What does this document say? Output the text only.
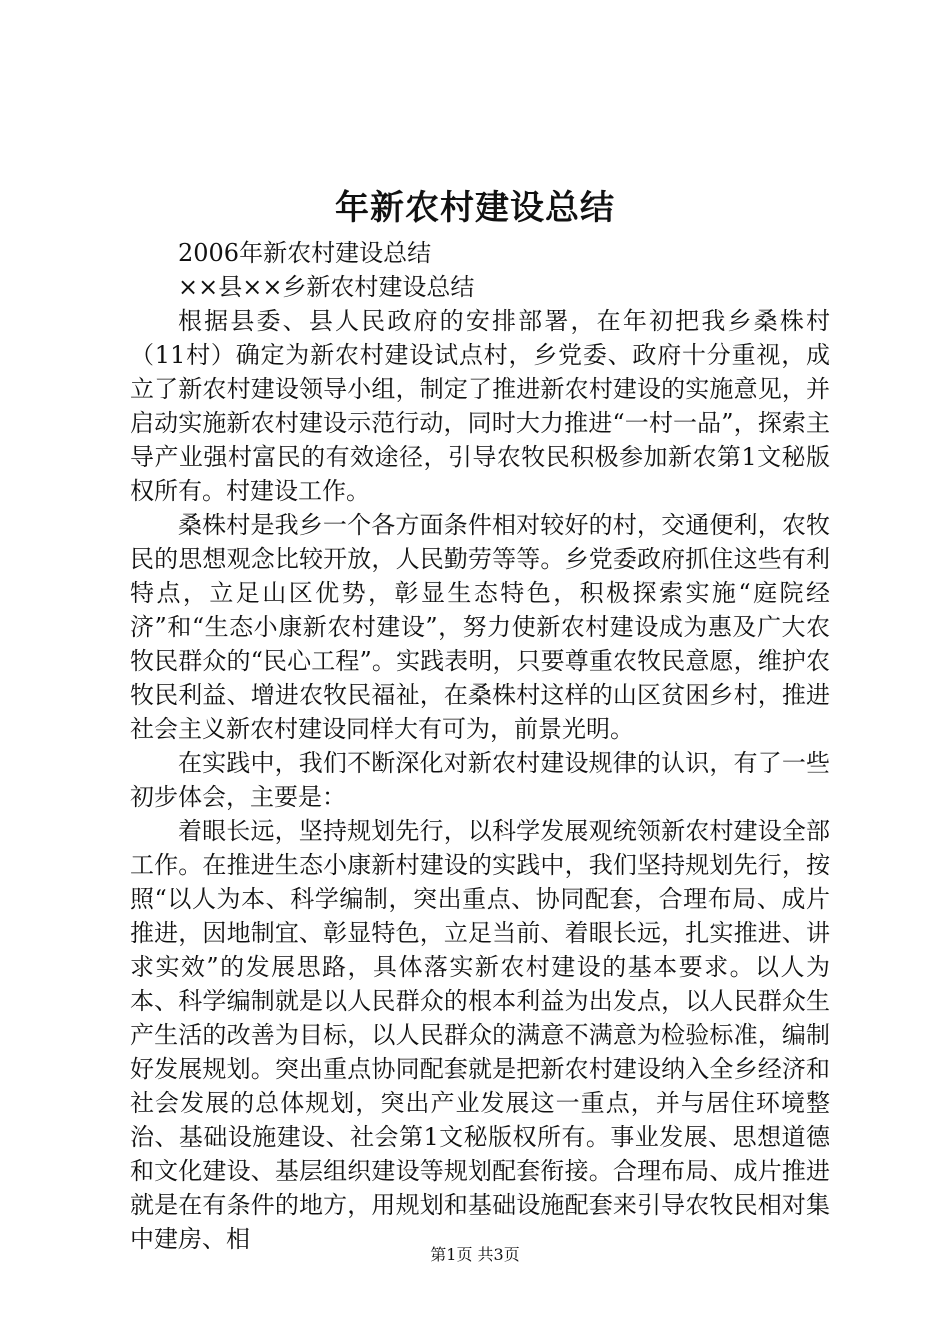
年新农村建设总结

2006年新农村建设总结

××县××乡新农村建设总结

根据县委、县人民政府的安排部署，在年初把我乡桑株村（11村）确定为新农村建设试点村，乡党委、政府十分重视，成立了新农村建设领导小组，制定了推进新农村建设的实施意见，并启动实施新农村建设示范行动，同时大力推进“一村一品”，探索主导产业强村富民的有效途径，引导农牧民积极参加新农第1文秘版权所有。村建设工作。

桑株村是我乡一个各方面条件相对较好的村，交通便利，农牧民的思想观念比较开放，人民勤劳等等。乡党委政府抓住这些有利特点，立足山区优势，彰显生态特色，积极探索实施“庭院经济”和“生态小康新农村建设”，努力使新农村建设成为惠及广大农牧民群众的“民心工程”。实践表明，只要尊重农牧民意愿，维护农牧民利益、增进农牧民福祉，在桑株村这样的山区贫困乡村，推进社会主义新农村建设同样大有可为，前景光明。

在实践中，我们不断深化对新农村建设规律的认识，有了一些初步体会，主要是：

着眼长远，坚持规划先行，以科学发展观统领新农村建设全部工作。在推进生态小康新村建设的实践中，我们坚持规划先行，按照“以人为本、科学编制，突出重点、协同配套，合理布局、成片推进，因地制宜、彰显特色，立足当前、着眼长远，扎实推进、讲求实效”的发展思路，具体落实新农村建设的基本要求。以人为本、科学编制就是以人民群众的根本利益为出发点，以人民群众生产生活的改善为目标，以人民群众的满意不满意为检验标准，编制好发展规划。突出重点协同配套就是把新农村建设纳入全乡经济和社会发展的总体规划，突出产业发展这一重点，并与居住环境整治、基础设施建设、社会第1文秘版权所有。事业发展、思想道德和文化建设、基层组织建设等规划配套衔接。合理布局、成片推进就是在有条件的地方，用规划和基础设施配套来引导农牧民相对集中建房、相

第1页 共3页
